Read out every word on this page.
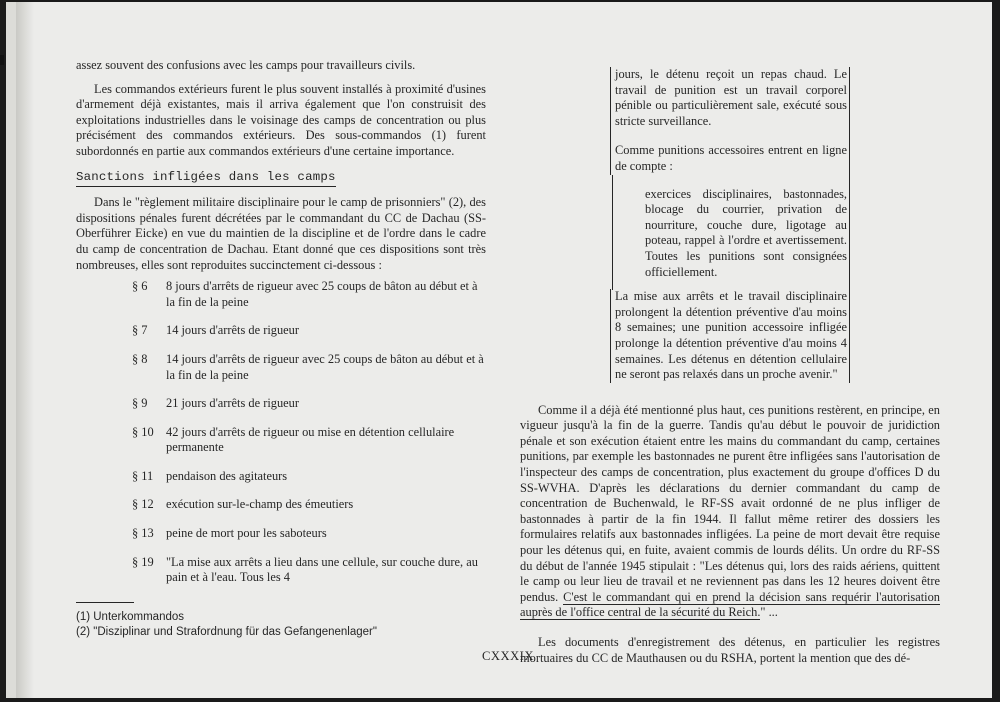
assez souvent des confusions avec les camps pour travailleurs civils.

Les commandos extérieurs furent le plus souvent installés à proximité d'usines d'armement déjà existantes, mais il arriva également que l'on construisit des exploitations industrielles dans le voisinage des camps de concentration ou plus précisément des commandos extérieurs. Des sous-commandos (1) furent subordonnés en partie aux commandos extérieurs d'une certaine importance.

Sanctions infligées dans les camps

Dans le "règlement militaire disciplinaire pour le camp de prisonniers" (2), des dispositions pénales furent décrétées par le commandant du CC de Dachau (SS-Oberführer Eicke) en vue du maintien de la discipline et de l'ordre dans le cadre du camp de concentration de Dachau. Etant donné que ces dispositions sont très nombreuses, elles sont reproduites succinctement ci-dessous :

§ 6	8 jours d'arrêts de rigueur avec 25 coups de bâton au début et à la fin de la peine
§ 7	14 jours d'arrêts de rigueur
§ 8	14 jours d'arrêts de rigueur avec 25 coups de bâton au début et à la fin de la peine
§ 9	21 jours d'arrêts de rigueur
§ 10 42 jours d'arrêts de rigueur ou mise en détention cellulaire permanente
§ 11	pendaison des agitateurs
§ 12 exécution sur-le-champ des émeutiers
§ 13 peine de mort pour les saboteurs
§ 19 "La mise aux arrêts a lieu dans une cellule, sur couche dure, au pain et à l'eau. Tous les 4
(1) Unterkommandos
(2) "Disziplinar und Strafordnung für das Gefangenenlager"

jours, le détenu reçoit un repas chaud. Le travail de punition est un travail corporel pénible ou particulièrement sale, exécuté sous stricte surveillance.

Comme punitions accessoires entrent en ligne de compte :

exercices disciplinaires, bastonnades, blocage du courrier, privation de nourriture, couche dure, ligotage au poteau, rappel à l'ordre et avertissement. Toutes les punitions sont consignées officiellement.

La mise aux arrêts et le travail disciplinaire prolongent la détention préventive d'au moins 8 semaines; une punition accessoire infligée prolonge la détention préventive d'au moins 4 semaines. Les détenus en détention cellulaire ne seront pas relaxés dans un proche avenir."

Comme il a déjà été mentionné plus haut, ces punitions restèrent, en principe, en vigueur jusqu'à la fin de la guerre. Tandis qu'au début le pouvoir de juridiction pénale et son exécution étaient entre les mains du commandant du camp, certaines punitions, par exemple les bastonnades ne purent être infligées sans l'autorisation de l'inspecteur des camps de concentration, plus exactement du groupe d'offices D du SS-WVHA. D'après les déclarations du dernier commandant du camp de concentration de Buchenwald, le RF-SS avait ordonné de ne plus infliger de bastonnades à partir de la fin 1944. Il fallut même retirer des dossiers les formulaires relatifs aux bastonnades infligées. La peine de mort devait être requise pour les détenus qui, en fuite, avaient commis de lourds délits. Un ordre du RF-SS du début de l'année 1945 stipulait : "Les détenus qui, lors des raids aériens, quittent le camp ou leur lieu de travail et ne reviennent pas dans les 12 heures doivent être pendus. C'est le commandant qui en prend la décision sans requérir l'autorisation auprès de l'office central de la sécurité du Reich." ...

Les documents d'enregistrement des détenus, en particulier les registres mortuaires du CC de Mauthausen ou du RSHA, portent la mention que des dé-

CXXXIX
